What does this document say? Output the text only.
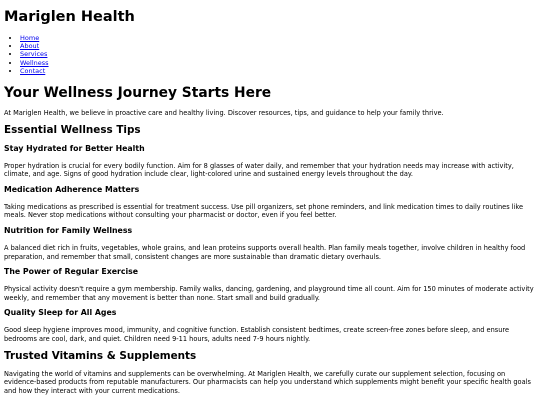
Mariglen Health
• Home
• About
• Services
• Wellness
• Contact
Your Wellness Journey Starts Here

At Mariglen Health, we believe in proactive care and healthy living. Discover resources, tips, and guidance to help your family thrive.

Essential Wellness Tips
Stay Hydrated for Better Health

Proper hydration is crucial for every bodily function. Aim for 8 glasses of water daily, and remember that your hydration needs may increase with activity, climate, and age. Signs of good hydration include clear, light-colored urine and sustained energy levels throughout the day.

Medication Adherence Matters

Taking medications as prescribed is essential for treatment success. Use pill organizers, set phone reminders, and link medication times to daily routines like meals. Never stop medications without consulting your pharmacist or doctor, even if you feel better.

Nutrition for Family Wellness

A balanced diet rich in fruits, vegetables, whole grains, and lean proteins supports overall health. Plan family meals together, involve children in healthy food preparation, and remember that small, consistent changes are more sustainable than dramatic dietary overhauls.

The Power of Regular Exercise

Physical activity doesn't require a gym membership. Family walks, dancing, gardening, and playground time all count. Aim for 150 minutes of moderate activity weekly, and remember that any movement is better than none. Start small and build gradually.

Quality Sleep for All Ages

Good sleep hygiene improves mood, immunity, and cognitive function. Establish consistent bedtimes, create screen-free zones before sleep, and ensure bedrooms are cool, dark, and quiet. Children need 9-11 hours, adults need 7-9 hours nightly.

Trusted Vitamins & Supplements

Navigating the world of vitamins and supplements can be overwhelming. At Mariglen Health, we carefully curate our supplement selection, focusing on evidence-based products from reputable manufacturers. Our pharmacists can help you understand which supplements might benefit your specific health goals and how they interact with your current medications.
